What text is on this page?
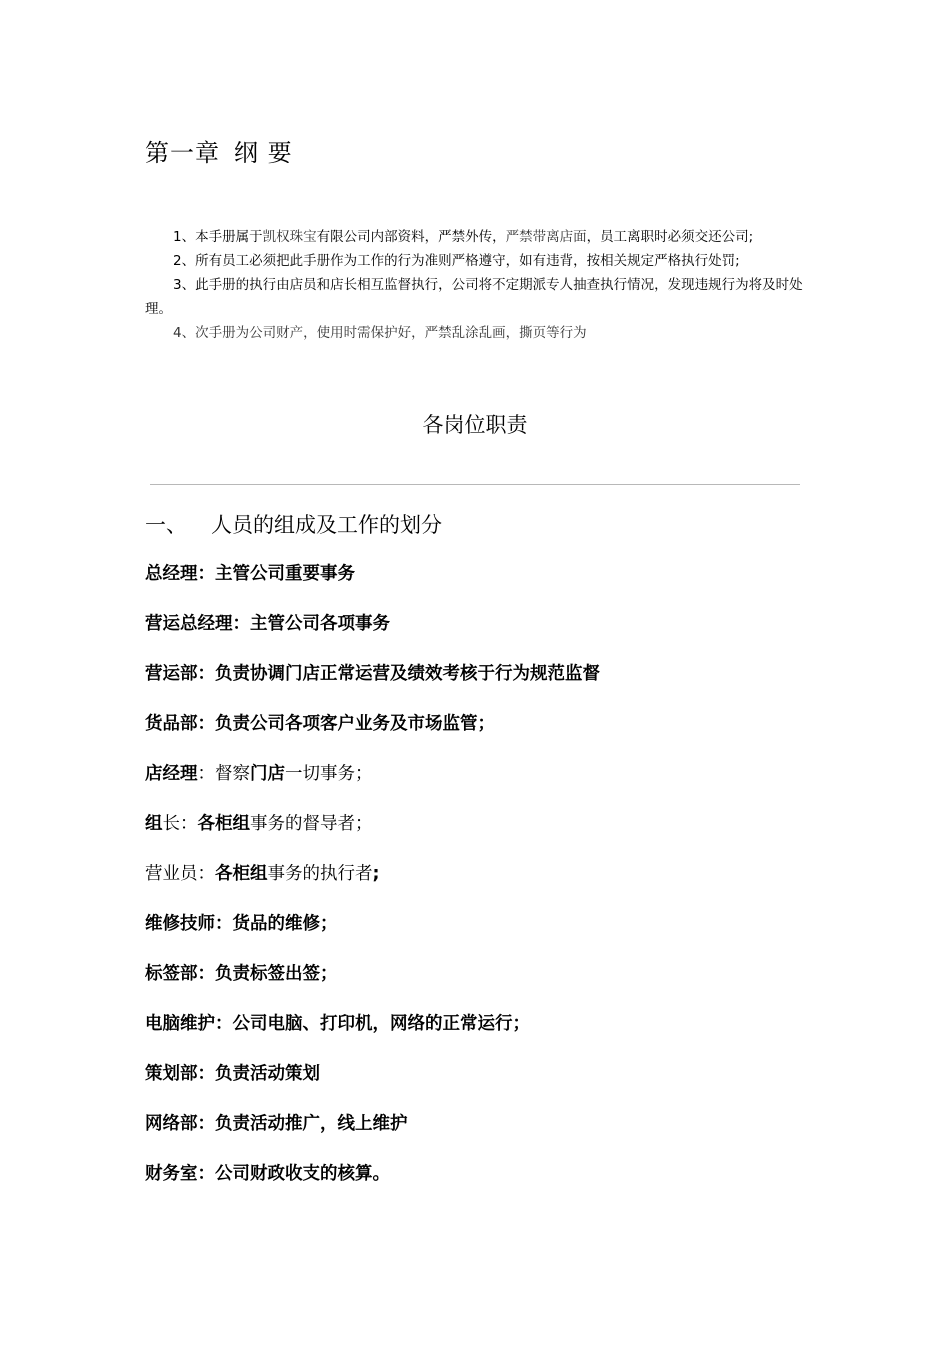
第一章 纲 要

1、本手册属于凯权珠宝有限公司内部资料，严禁外传，严禁带离店面，员工离职时必须交还公司;

2、所有员工必须把此手册作为工作的行为准则严格遵守，如有违背，按相关规定严格执行处罚;

3、此手册的执行由店员和店长相互监督执行，公司将不定期派专人抽查执行情况，发现违规行为将及时处理。

4、次手册为公司财产，使用时需保护好，严禁乱涂乱画，撕页等行为

各岗位职责
一、 人员的组成及工作的划分
总经理：主管公司重要事务
营运总经理：主管公司各项事务
营运部：负责协调门店正常运营及绩效考核于行为规范监督
货品部：负责公司各项客户业务及市场监管；
店经理：督察门店一切事务；
组长：各柜组事务的督导者；
营业员：各柜组事务的执行者;
维修技师：货品的维修；
标签部：负责标签出签；
电脑维护：公司电脑、打印机，网络的正常运行；
策划部：负责活动策划
网络部：负责活动推广，线上维护
财务室：公司财政收支的核算。
